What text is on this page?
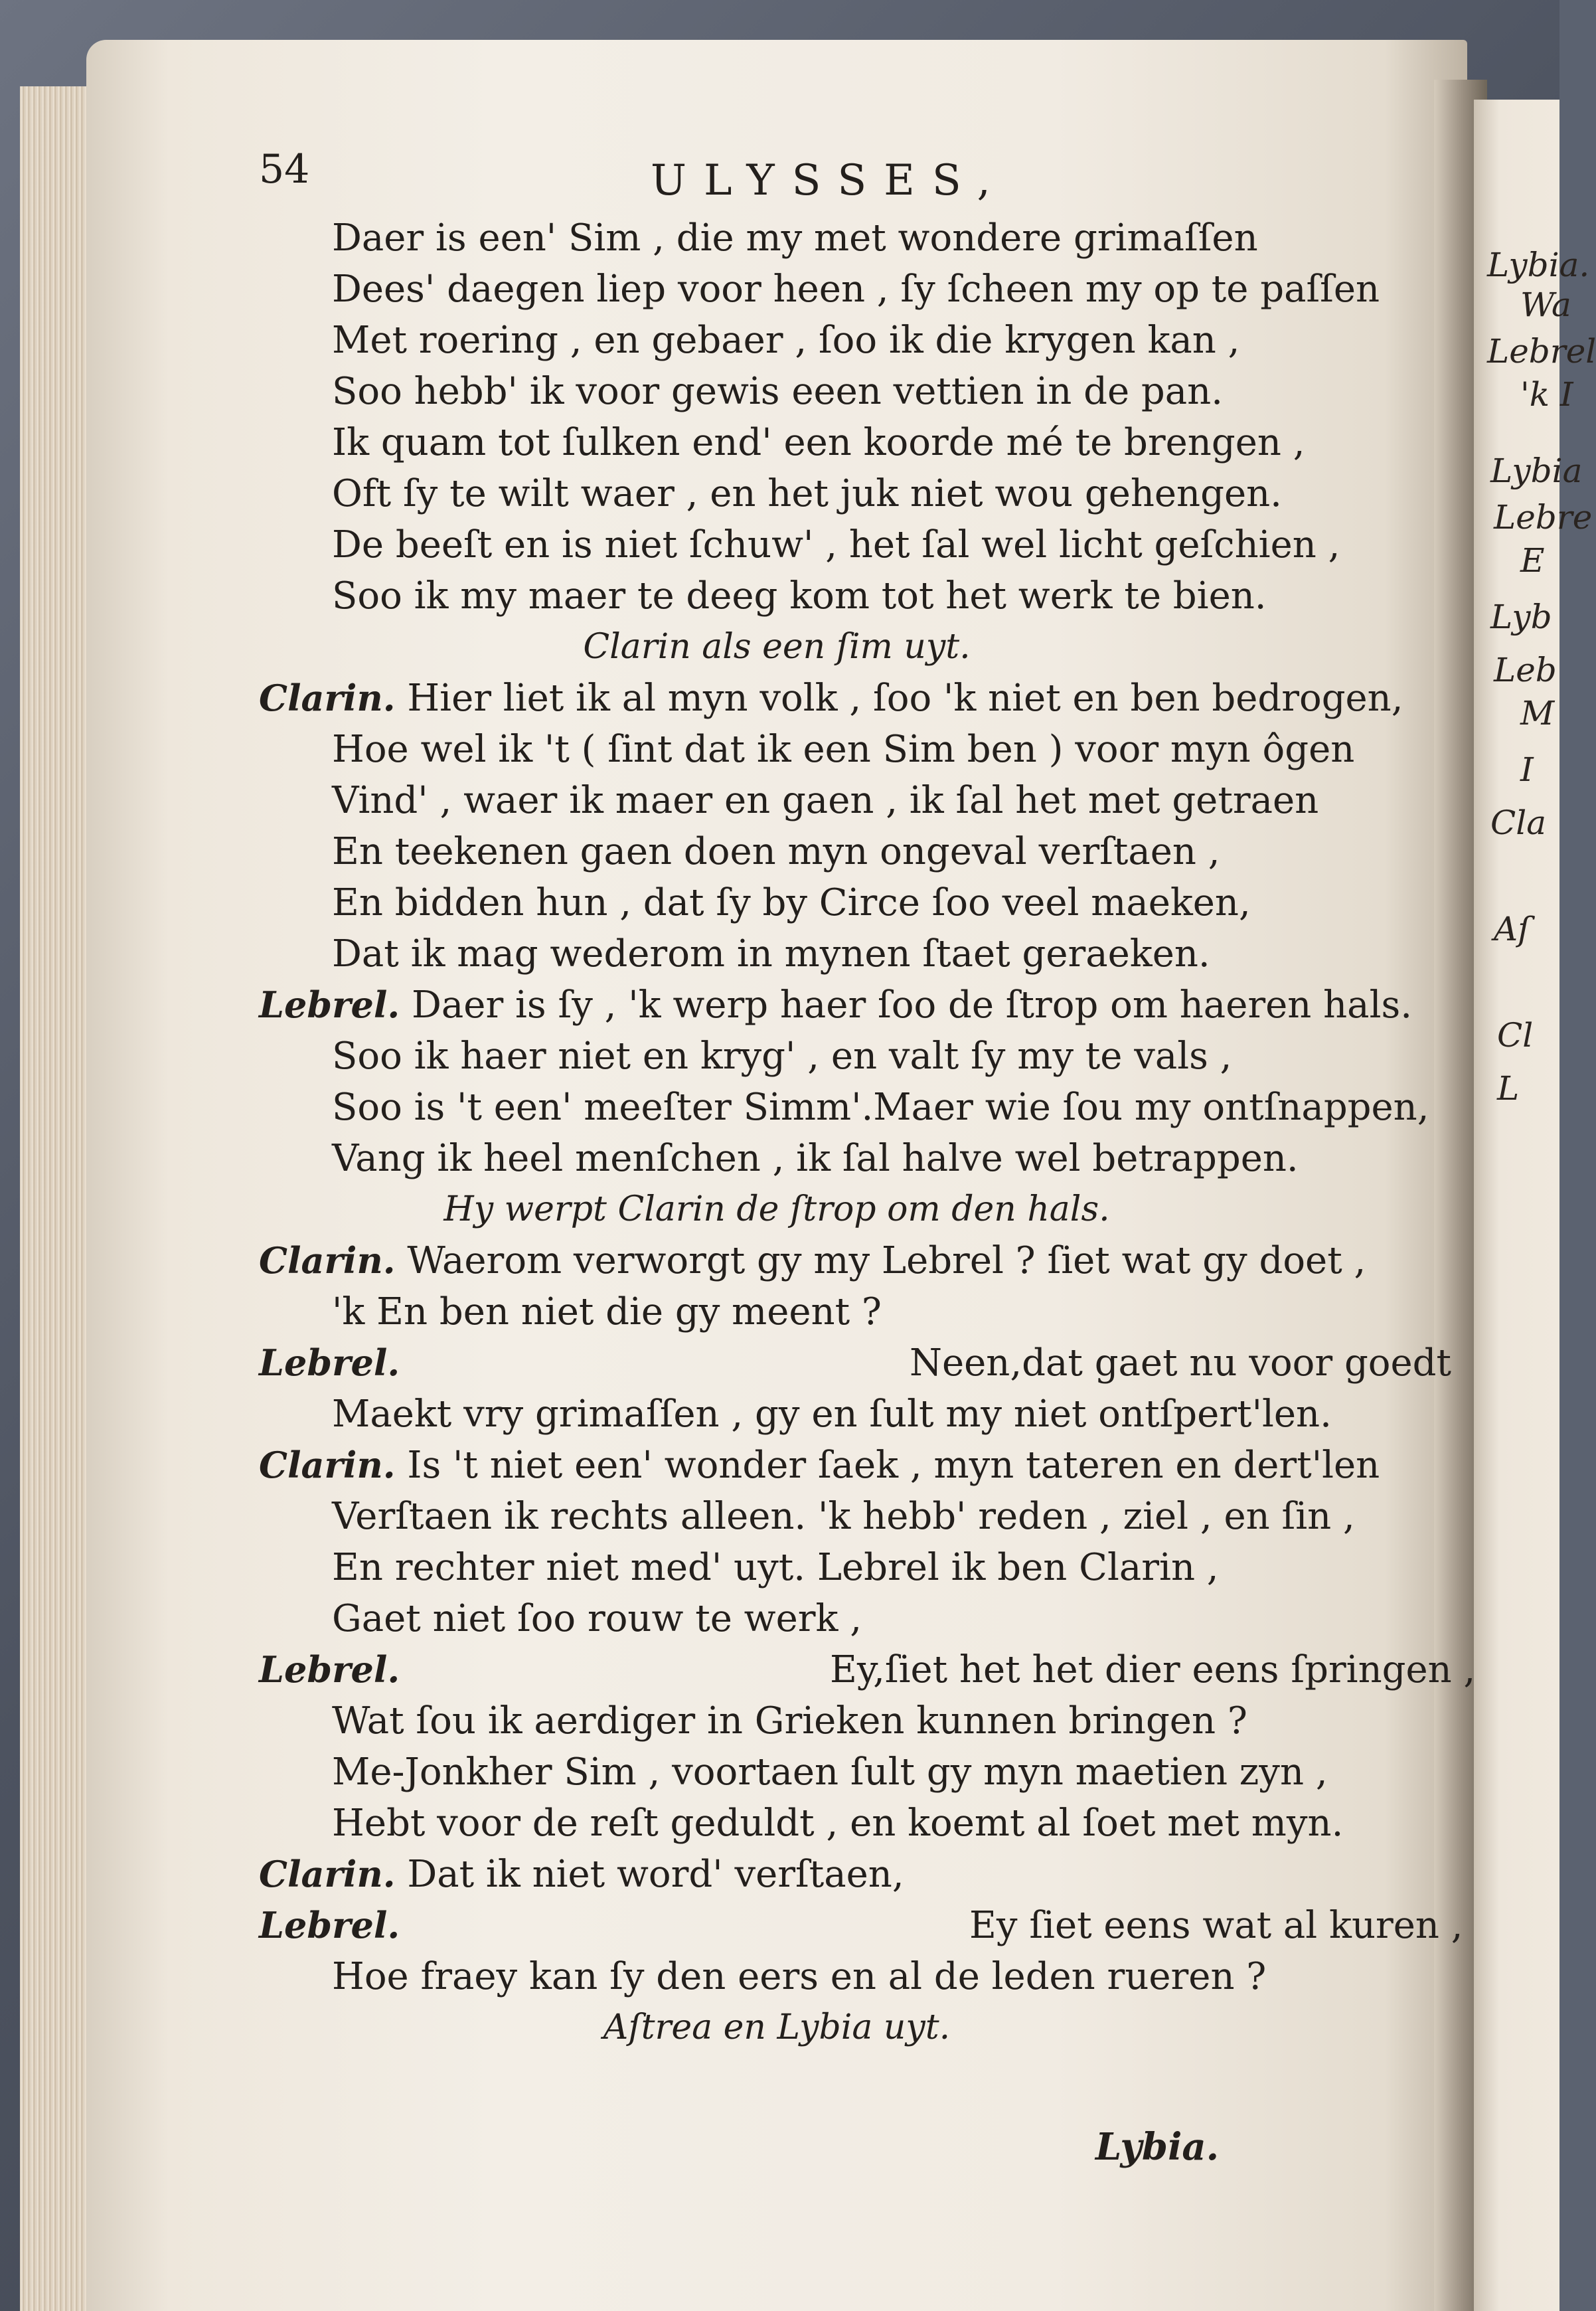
Lybia.
Wa
Lebrel
'k I
Lybia
Lebre
E
Lyb
Leb
M
I
Cla
Aſ
Cl
L
54	ULYSSES,
Daer is een' Sim , die my met wondere grimaſſen
Dees' daegen liep voor heen , ſy ſcheen my op te paſſen
Met roering , en gebaer , ſoo ik die krygen kan ,
Soo hebb' ik voor gewis eeen vettien in de pan.
Ik quam tot ſulken end' een koorde mé te brengen ,
Oft ſy te wilt waer , en het juk niet wou gehengen.
De beeſt en is niet ſchuw' , het ſal wel licht geſchien ,
Soo ik my maer te deeg kom tot het werk te bien.
Clarin als een ſim uyt.
Clarin. Hier liet ik al myn volk , ſoo 'k niet en ben bedrogen,
Hoe wel ik 't ( ſint dat ik een Sim ben ) voor myn ôgen
Vind' , waer ik maer en gaen , ik ſal het met getraen
En teekenen gaen doen myn ongeval verſtaen ,
En bidden hun , dat ſy by Circe ſoo veel maeken,
Dat ik mag wederom in mynen ſtaet geraeken.
Lebrel. Daer is ſy , 'k werp haer ſoo de ſtrop om haeren hals.
Soo ik haer niet en kryg' , en valt ſy my te vals ,
Soo is 't een' meeſter Simm'.Maer wie ſou my ontſnappen,
Vang ik heel menſchen , ik ſal halve wel betrappen.
Hy werpt Clarin de ſtrop om den hals.
Clarin. Waerom verworgt gy my Lebrel ? ſiet wat gy doet ,
'k En ben niet die gy meent ?
Lebrel.	Neen,dat gaet nu voor goedt
Maekt vry grimaſſen , gy en ſult my niet ontſpert'len.
Clarin. Is 't niet een' wonder ſaek , myn tateren en dert'len
Verſtaen ik rechts alleen. 'k hebb' reden , ziel , en ſin ,
En rechter niet med' uyt. Lebrel ik ben Clarin ,
Gaet niet ſoo rouw te werk ,
Lebrel.	Ey,ſiet het het dier eens ſpringen ,
Wat ſou ik aerdiger in Grieken kunnen bringen ?
Me-Jonkher Sim , voortaen ſult gy myn maetien zyn ,
Hebt voor de reſt geduldt , en koemt al ſoet met myn.
Clarin. Dat ik niet word' verſtaen,
Lebrel.	Ey ſiet eens wat al kuren ,
Hoe fraey kan ſy den eers en al de leden rueren ?
Aſtrea en Lybia uyt.
Lybia.
